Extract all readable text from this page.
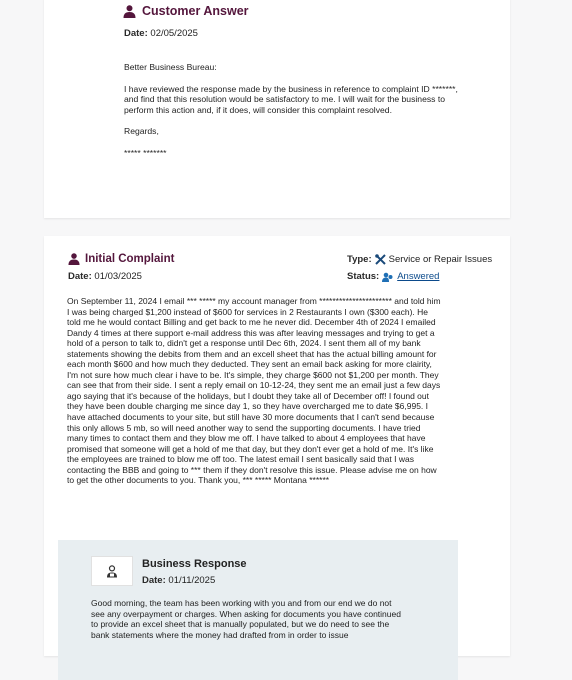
Customer Answer
Date: 02/05/2025

Better Business Bureau:

I have reviewed the response made by the business in reference to complaint ID *******, and find that this resolution would be satisfactory to me. I will wait for the business to perform this action and, if it does, will consider this complaint resolved.

Regards,

***** *******

Initial Complaint
Date: 01/03/2025
Type: Service or Repair Issues
Status: Answered

On September 11, 2024 I email *** ***** my account manager from ********************** and told him I was being charged $1,200 instead of $600 for services in 2 Restaurants I own ($300 each). He told me he would contact Billing and get back to me he never did. December 4th of 2024 I emailed Dandy 4 times at there support e-mail address this was after leaving messages and trying to get a hold of a person to talk to, didn't get a response until Dec 6th, 2024. I sent them all of my bank statements showing the debits from them and an excell sheet that has the actual billing amount for each month $600 and how much they deducted. They sent an email back asking for more clairity, I'm not sure how much clear i have to be. It's simple, they charge $600 not $1,200 per month. They can see that from their side. I sent a reply email on 10-12-24, they sent me an email just a few days ago saying that it's because of the holidays, but I doubt they take all of December off! I found out they have been double charging me since day 1, so they have overcharged me to date $6,995. I have attached documents to your site, but still have 30 more documents that I can't send because this only allows 5 mb, so will need another way to send the supporting documents. I have tried many times to contact them and they blow me off. I have talked to about 4 employees that have promised that someone will get a hold of me that day, but they don't ever get a hold of me. It's like the employees are trained to blow me off too. The latest email I sent basically said that I was contacting the BBB and going to *** them if they don't resolve this issue. Please advise me on how to get the other documents to you. Thank you, *** ***** Montana ******

Business Response
Date: 01/11/2025

Good morning, the team has been working with you and from our end we do not see any overpayment or charges. When asking for documents you have continued to provide an excel sheet that is manually populated, but we do need to see the bank statements where the money had drafted from in order to issue
